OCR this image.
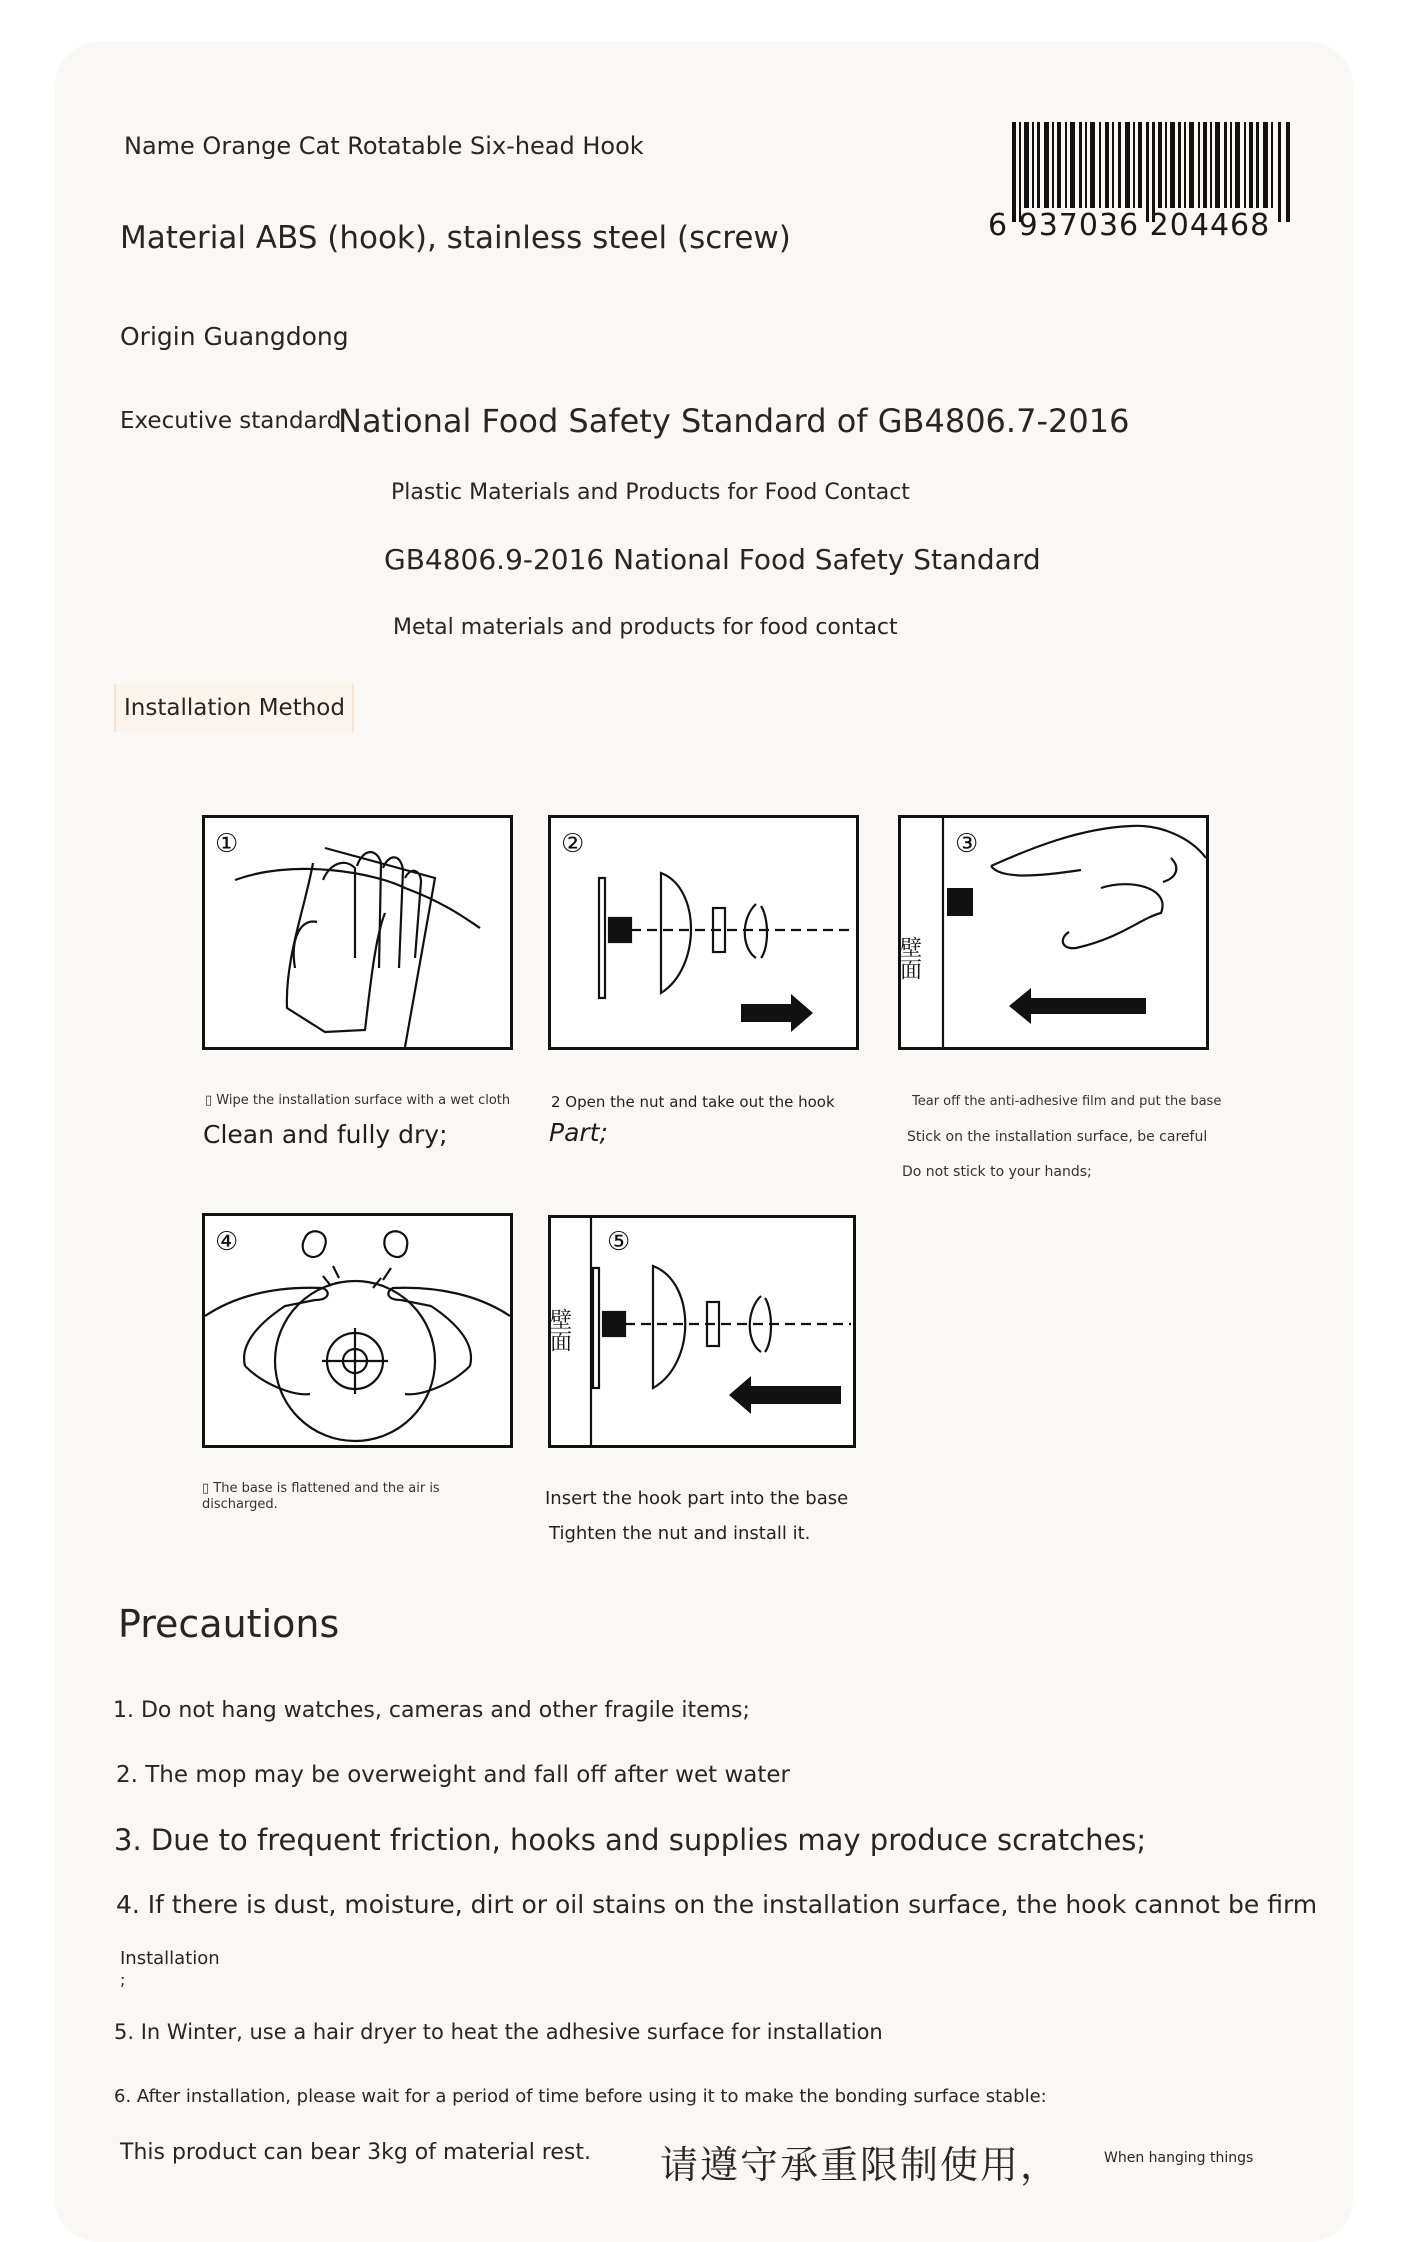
Name Orange Cat Rotatable Six-head Hook
Material ABS (hook), stainless steel (screw)
Origin Guangdong
Executive standard
National Food Safety Standard of GB4806.7-2016
Plastic Materials and Products for Food Contact
GB4806.9-2016 National Food Safety Standard
Metal materials and products for food contact
6 937036 204468
Installation Method
①
▯ Wipe the installation surface with a wet cloth
Clean and fully dry;
②
2 Open the nut and take out the hook
Part;
③
壁面
Tear off the anti-adhesive film and put the base
Stick on the installation surface, be careful
Do not stick to your hands;
④
▯ The base is flattened and the air is
discharged.
⑤
壁面
Insert the hook part into the base
Tighten the nut and install it.
Precautions
1. Do not hang watches, cameras and other fragile items;
2. The mop may be overweight and fall off after wet water
3. Due to frequent friction, hooks and supplies may produce scratches;
4. If there is dust, moisture, dirt or oil stains on the installation surface, the hook cannot be firm
Installation
;
5. In Winter, use a hair dryer to heat the adhesive surface for installation
6. After installation, please wait for a period of time before using it to make the bonding surface stable:
This product can bear 3kg of material rest. 请遵守承重限制使用，	When hanging things
